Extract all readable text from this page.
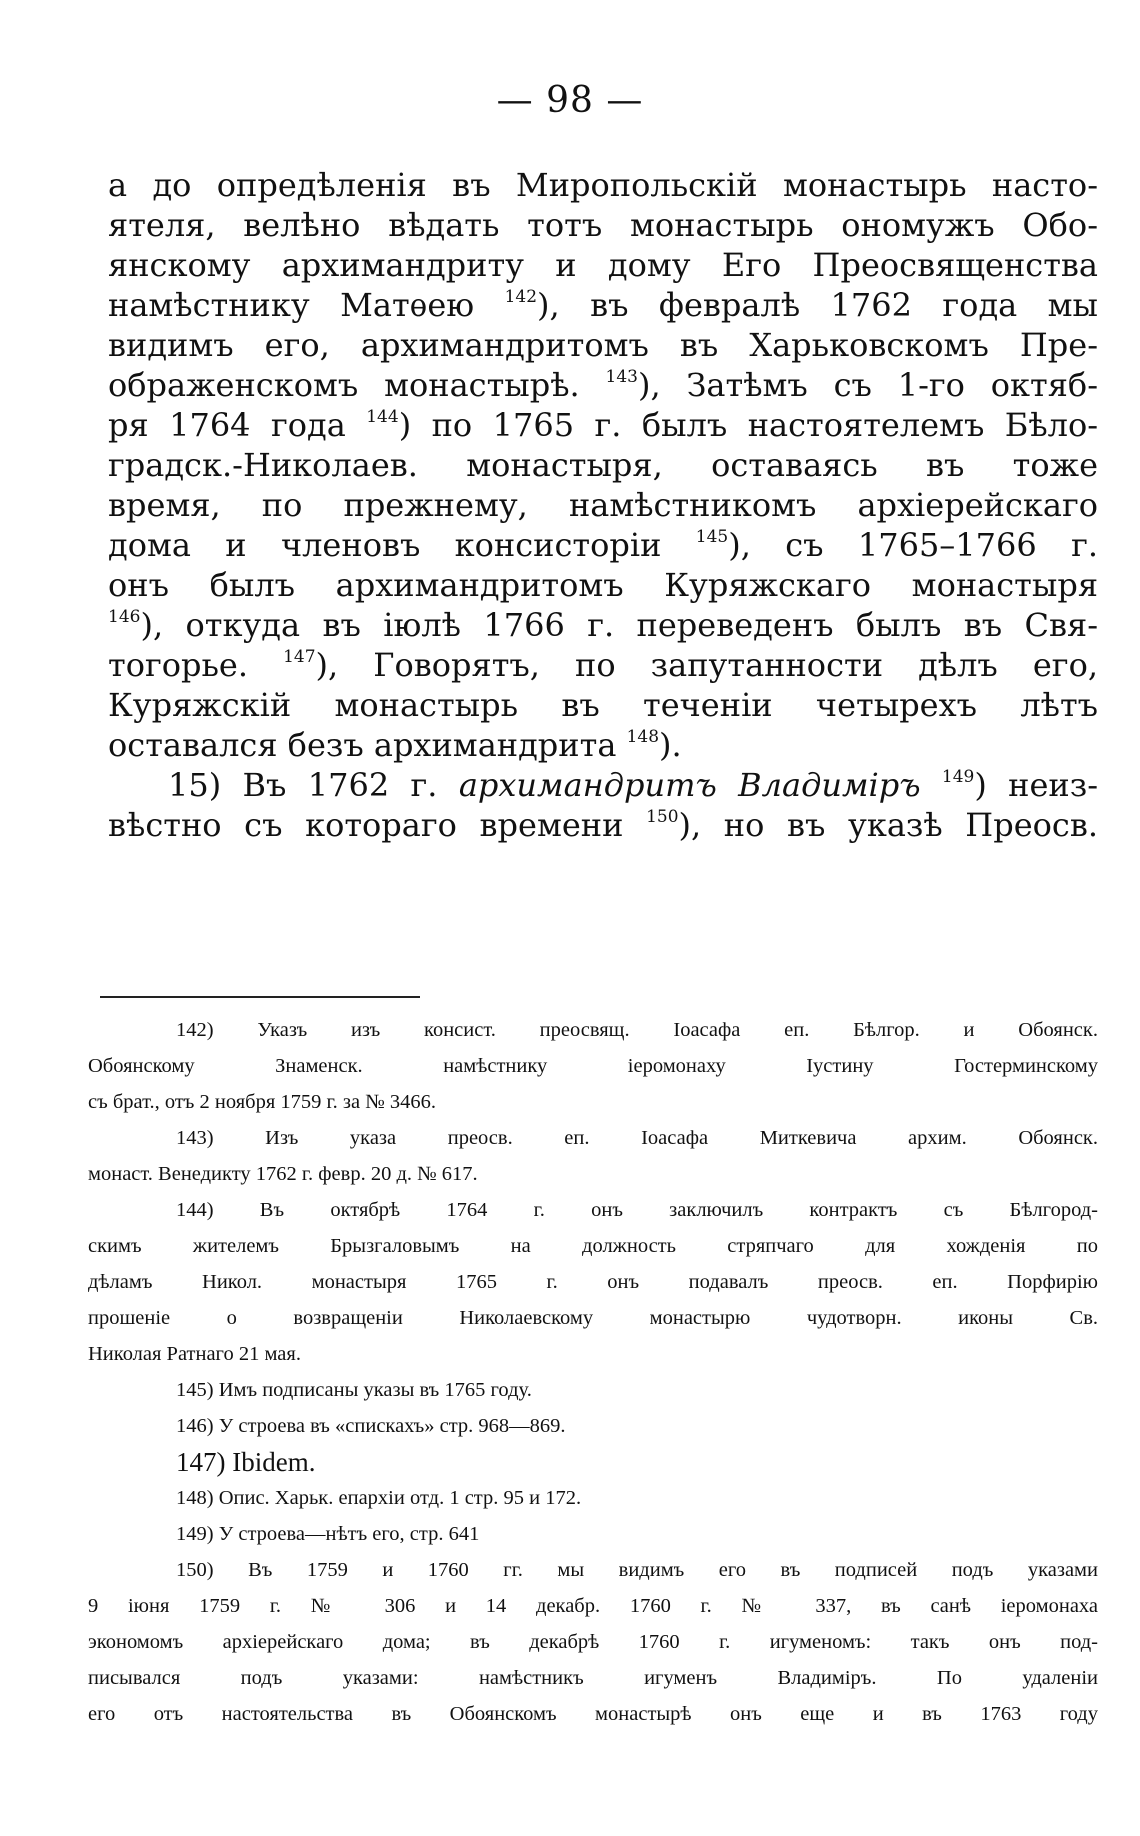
— 98 —
а до опредѣленія въ Миропольскій монастырь насто-
ятеля, велѣно вѣдать тотъ монастырь ономужъ Обо-
янскому архимандриту и дому Его Преосвященства
намѣстнику Матѳею $^{142}$), въ февралѣ 1762 года мы
видимъ его, архимандритомъ въ Харьковскомъ Пре-
ображенскомъ монастырѣ. $^{143}$), Затѣмъ съ 1-го октяб-
ря 1764 года $^{144}$) по 1765 г. былъ настоятелемъ Бѣло-
градск.-Николаев. монастыря, оставаясь въ тоже
время, по прежнему, намѣстникомъ архіерейскаго
дома и членовъ консисторіи $^{145}$), съ 1765–1766 г.
онъ былъ архимандритомъ Куряжскаго монастыря
$^{146}$), откуда въ іюлѣ 1766 г. переведенъ былъ въ Свя-
тогорье. $^{147}$), Говорятъ, по запутанности дѣлъ его,
Куряжскій монастырь въ теченіи четырехъ лѣтъ
оставался безъ архимандрита $^{148}$).
15) Въ 1762 г. архимандритъ Владиміръ $^{149}$) неиз-
вѣстно съ котораго времени $^{150}$), но въ указѣ Преосв.
142) Указъ изъ консист. преосвящ. Іоасафа еп. Бѣлгор. и Обоянск.
Обоянскому Знаменск. намѣстнику іеромонаху Іустину Гостерминскому
съ брат., отъ 2 ноября 1759 г. за № 3466.
143) Изъ указа преосв. еп. Іоасафа Миткевича архим. Обоянск.
монаст. Венедикту 1762 г. февр. 20 д. № 617.
144) Въ октябрѣ 1764 г. онъ заключилъ контрактъ съ Бѣлгород-
скимъ жителемъ Брызгаловымъ на должность стряпчаго для хожденія по
дѣламъ Никол. монастыря 1765 г. онъ подавалъ преосв. еп. Порфирію
прошеніе о возвращеніи Николаевскому монастырю чудотворн. иконы Св.
Николая Ратнаго 21 мая.
145) Имъ подписаны указы въ 1765 году.
146) У строева въ «спискахъ» стр. 968—869.
147) Ibidem.
148) Опис. Харьк. епархіи отд. 1 стр. 95 и 172.
149) У строева—нѣтъ его, стр. 641
150) Въ 1759 и 1760 гг. мы видимъ его въ подписей подъ указами
9 іюня 1759 г. № 306 и 14 декабр. 1760 г. № 337, въ санѣ іеромонаха
экономомъ архіерейскаго дома; въ декабрѣ 1760 г. игуменомъ: такъ онъ под-
писывался подъ указами: намѣстникъ игуменъ Владиміръ. По удаленіи
его отъ настоятельства въ Обоянскомъ монастырѣ онъ еще и въ 1763 году
